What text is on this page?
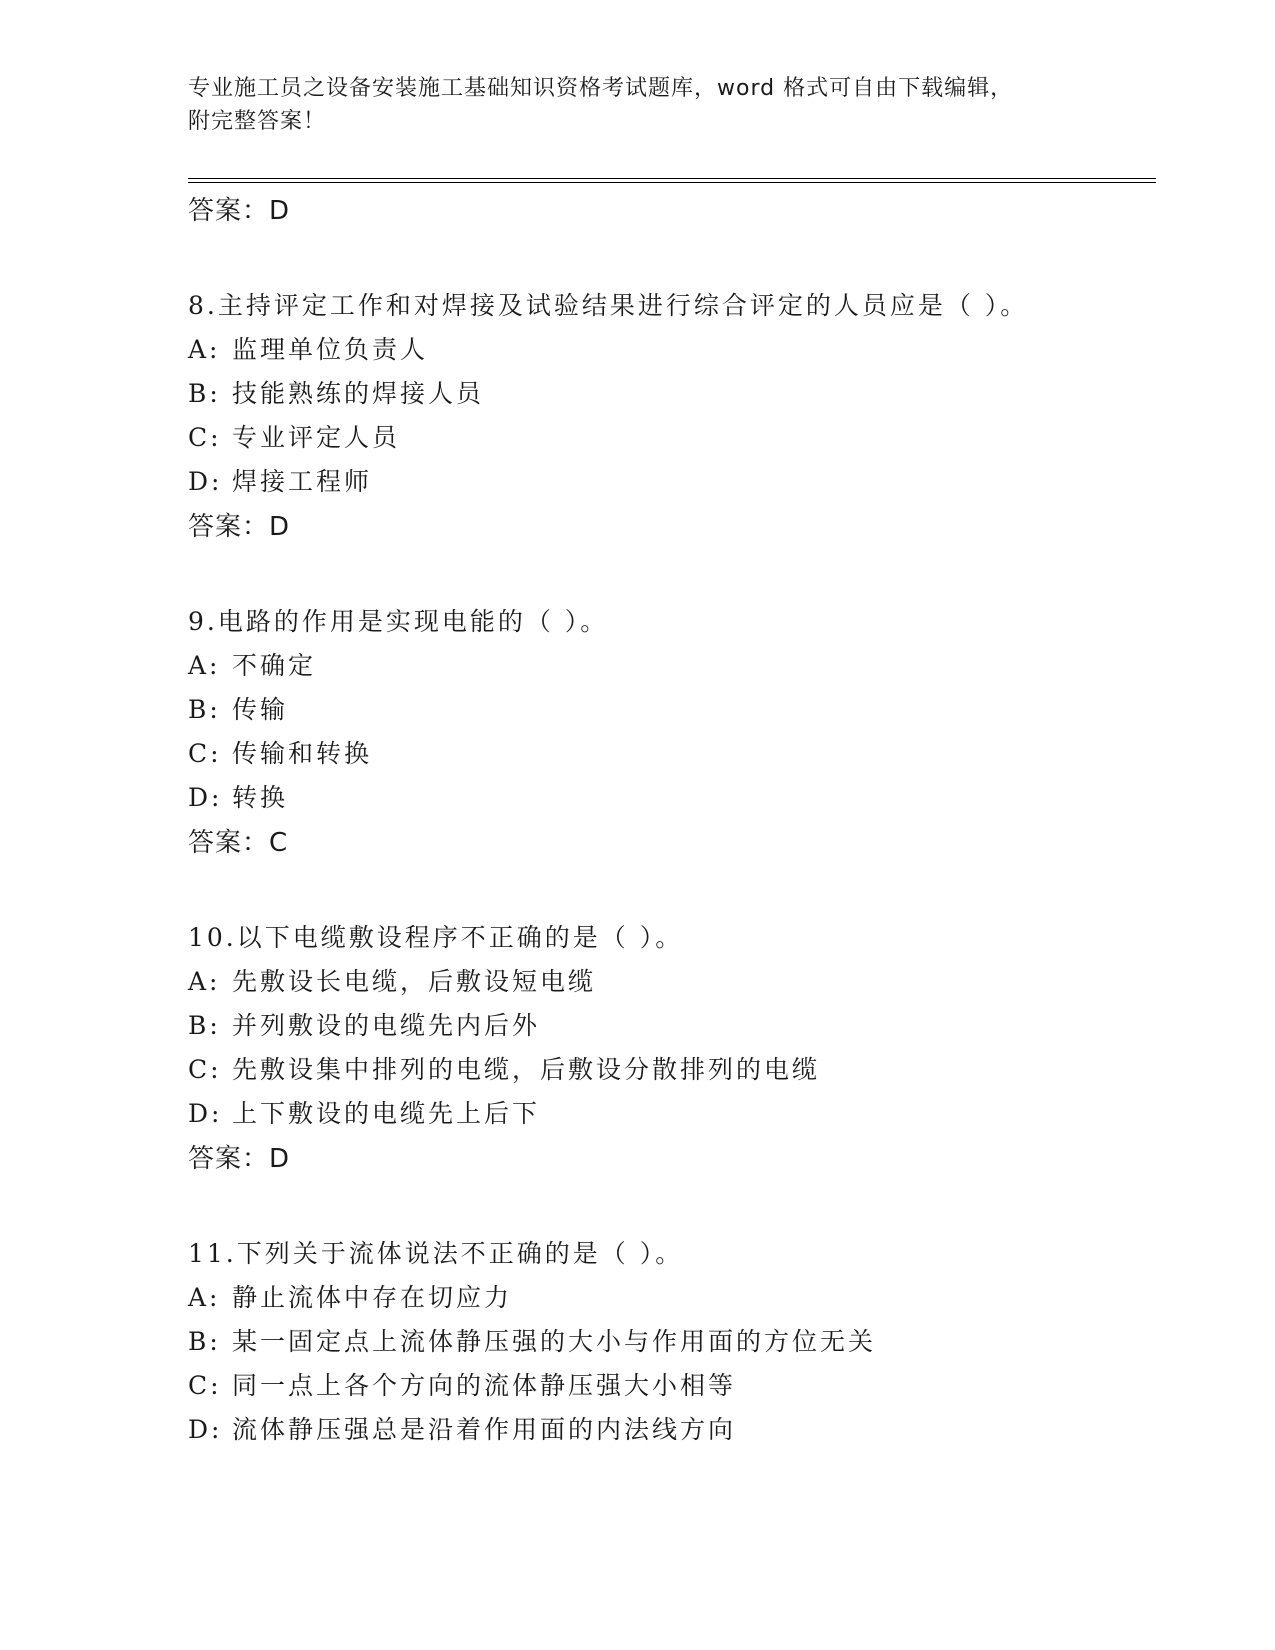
专业施工员之设备安装施工基础知识资格考试题库，word 格式可自由下载编辑，
附完整答案！
答案：D
8.主持评定工作和对焊接及试验结果进行综合评定的人员应是（ ）。
A: 监理单位负责人
B: 技能熟练的焊接人员
C: 专业评定人员
D: 焊接工程师
答案：D
9.电路的作用是实现电能的（ ）。
A: 不确定
B: 传输
C: 传输和转换
D: 转换
答案：C
10.以下电缆敷设程序不正确的是（ ）。
A: 先敷设长电缆，后敷设短电缆
B: 并列敷设的电缆先内后外
C: 先敷设集中排列的电缆，后敷设分散排列的电缆
D: 上下敷设的电缆先上后下
答案：D
11.下列关于流体说法不正确的是（ ）。
A: 静止流体中存在切应力
B: 某一固定点上流体静压强的大小与作用面的方位无关
C: 同一点上各个方向的流体静压强大小相等
D: 流体静压强总是沿着作用面的内法线方向
